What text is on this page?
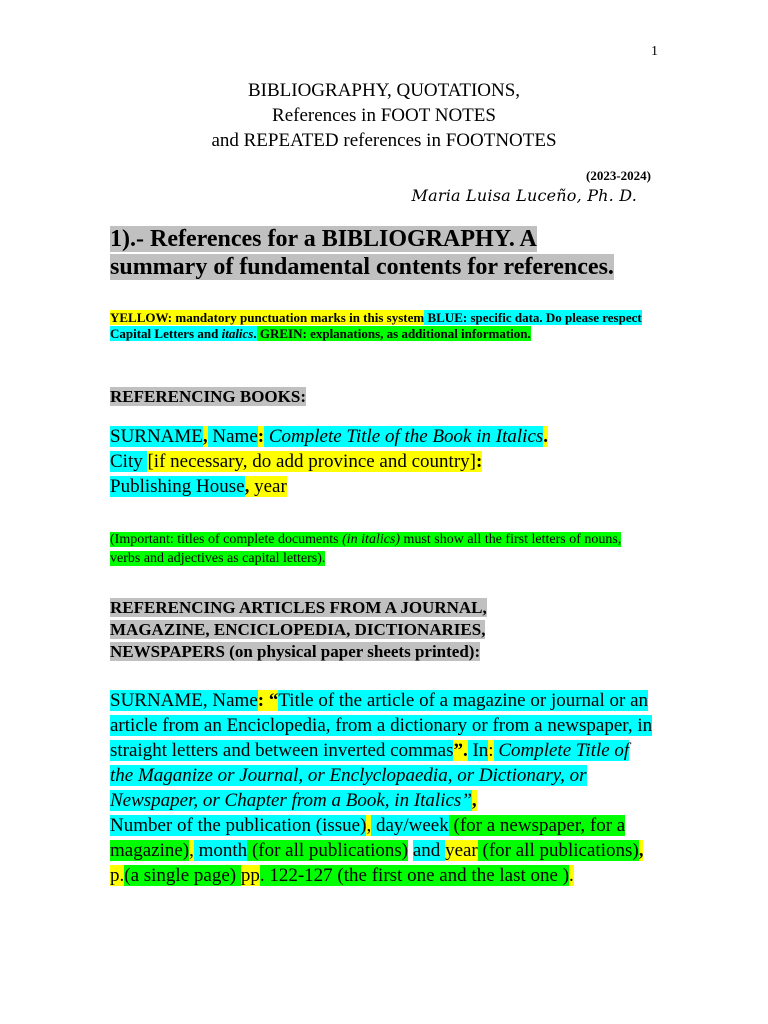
1
BIBLIOGRAPHY, QUOTATIONS,
References in FOOT NOTES
and REPEATED references in FOOTNOTES
(2023-2024)
Maria Luisa Luceño, Ph. D.
1).- References for a BIBLIOGRAPHY. A
summary of fundamental contents for references.
YELLOW: mandatory punctuation marks in this system BLUE: specific data. Do please respect Capital Letters and italics. GREIN: explanations, as additional information.
REFERENCING BOOKS:
SURNAME, Name: Complete Title of the Book in Italics.
City [if necessary, do add province and country]:
Publishing House, year
(Important: titles of complete documents (in italics) must show all the first letters of nouns, verbs and adjectives as capital letters).
REFERENCING ARTICLES FROM A JOURNAL,
MAGAZINE, ENCICLOPEDIA, DICTIONARIES,
NEWSPAPERS (on physical paper sheets printed):
SURNAME, Name: “Title of the article of a magazine or journal or an article from an Enciclopedia, from a dictionary or from a newspaper, in straight letters and between inverted commas”. In: Complete Title of the Maganize or Journal, or Enclyclopaedia, or Dictionary, or Newspaper, or Chapter from a Book, in Italics”,
Number of the publication (issue), day/week (for a newspaper, for a magazine), month (for all publications) and year (for all publications), p.(a single page) pp. 122-127 (the first one and the last one ).
